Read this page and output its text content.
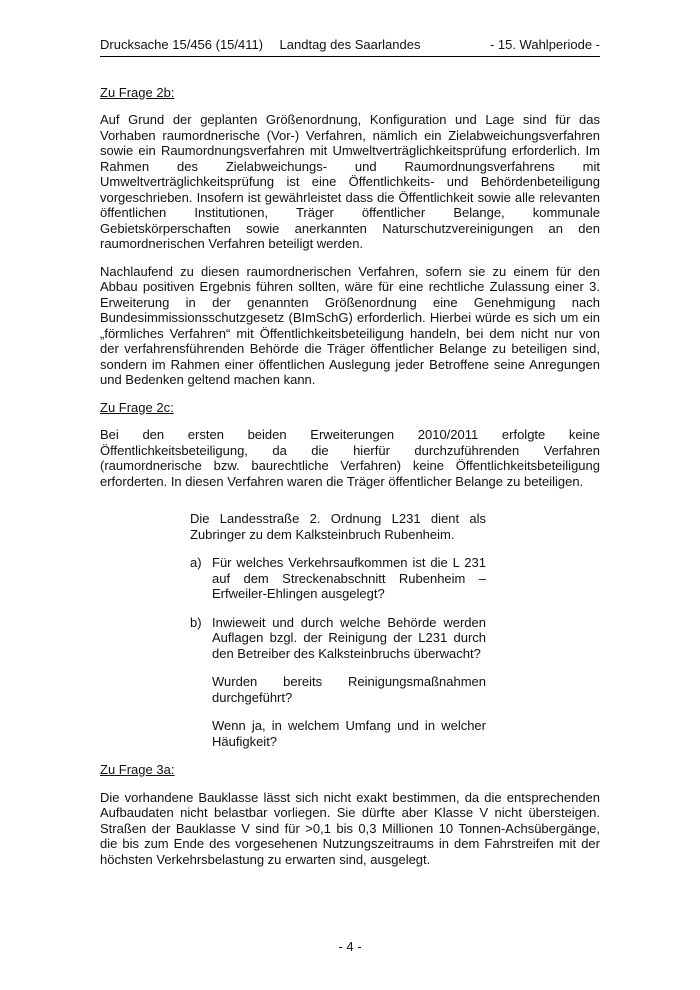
Drucksache 15/456 (15/411)	Landtag des Saarlandes	- 15. Wahlperiode -
Zu Frage 2b:

Auf Grund der geplanten Größenordnung, Konfiguration und Lage sind für das Vorhaben raumordnerische (Vor-) Verfahren, nämlich ein Zielabweichungsverfahren sowie ein Raumordnungsverfahren mit Umweltverträglichkeitsprüfung erforderlich. Im Rahmen des Zielabweichungs- und Raumordnungsverfahrens mit Umweltverträglichkeitsprüfung ist eine Öffentlichkeits- und Behördenbeteiligung vorgeschrieben. Insofern ist gewährleistet dass die Öffentlichkeit sowie alle relevanten öffentlichen Institutionen, Träger öffentlicher Belange, kommunale Gebietskörperschaften sowie anerkannten Naturschutzvereinigungen an den raumordnerischen Verfahren beteiligt werden.

Nachlaufend zu diesen raumordnerischen Verfahren, sofern sie zu einem für den Abbau positiven Ergebnis führen sollten, wäre für eine rechtliche Zulassung einer 3. Erweiterung in der genannten Größenordnung eine Genehmigung nach Bundesimmissionsschutzgesetz (BImSchG) erforderlich. Hierbei würde es sich um ein „förmliches Verfahren“ mit Öffentlichkeitsbeteiligung handeln, bei dem nicht nur von der verfahrensführenden Behörde die Träger öffentlicher Belange zu beteiligen sind, sondern im Rahmen einer öffentlichen Auslegung jeder Betroffene seine Anregungen und Bedenken geltend machen kann.

Zu Frage 2c:

Bei den ersten beiden Erweiterungen 2010/2011 erfolgte keine Öffentlichkeitsbeteiligung, da die hierfür durchzuführenden Verfahren (raumordnerische bzw. baurechtliche Verfahren) keine Öffentlichkeitsbeteiligung erforderten. In diesen Verfahren waren die Träger öffentlicher Belange zu beteiligen.

Die Landesstraße 2. Ordnung L231 dient als Zubringer zu dem Kalksteinbruch Rubenheim.

a) Für welches Verkehrsaufkommen ist die L 231 auf dem Streckenabschnitt Rubenheim – Erfweiler-Ehlingen ausgelegt?

b) Inwieweit und durch welche Behörde werden Auflagen bzgl. der Reinigung der L231 durch den Betreiber des Kalksteinbruchs überwacht?

Wurden bereits Reinigungsmaßnahmen durchgeführt?

Wenn ja, in welchem Umfang und in welcher Häufigkeit?

Zu Frage 3a:

Die vorhandene Bauklasse lässt sich nicht exakt bestimmen, da die entsprechenden Aufbaudaten nicht belastbar vorliegen. Sie dürfte aber Klasse V nicht übersteigen. Straßen der Bauklasse V sind für >0,1 bis 0,3 Millionen 10 Tonnen-Achsübergänge, die bis zum Ende des vorgesehenen Nutzungszeitraums in dem Fahrstreifen mit der höchsten Verkehrsbelastung zu erwarten sind, ausgelegt.

- 4 -
